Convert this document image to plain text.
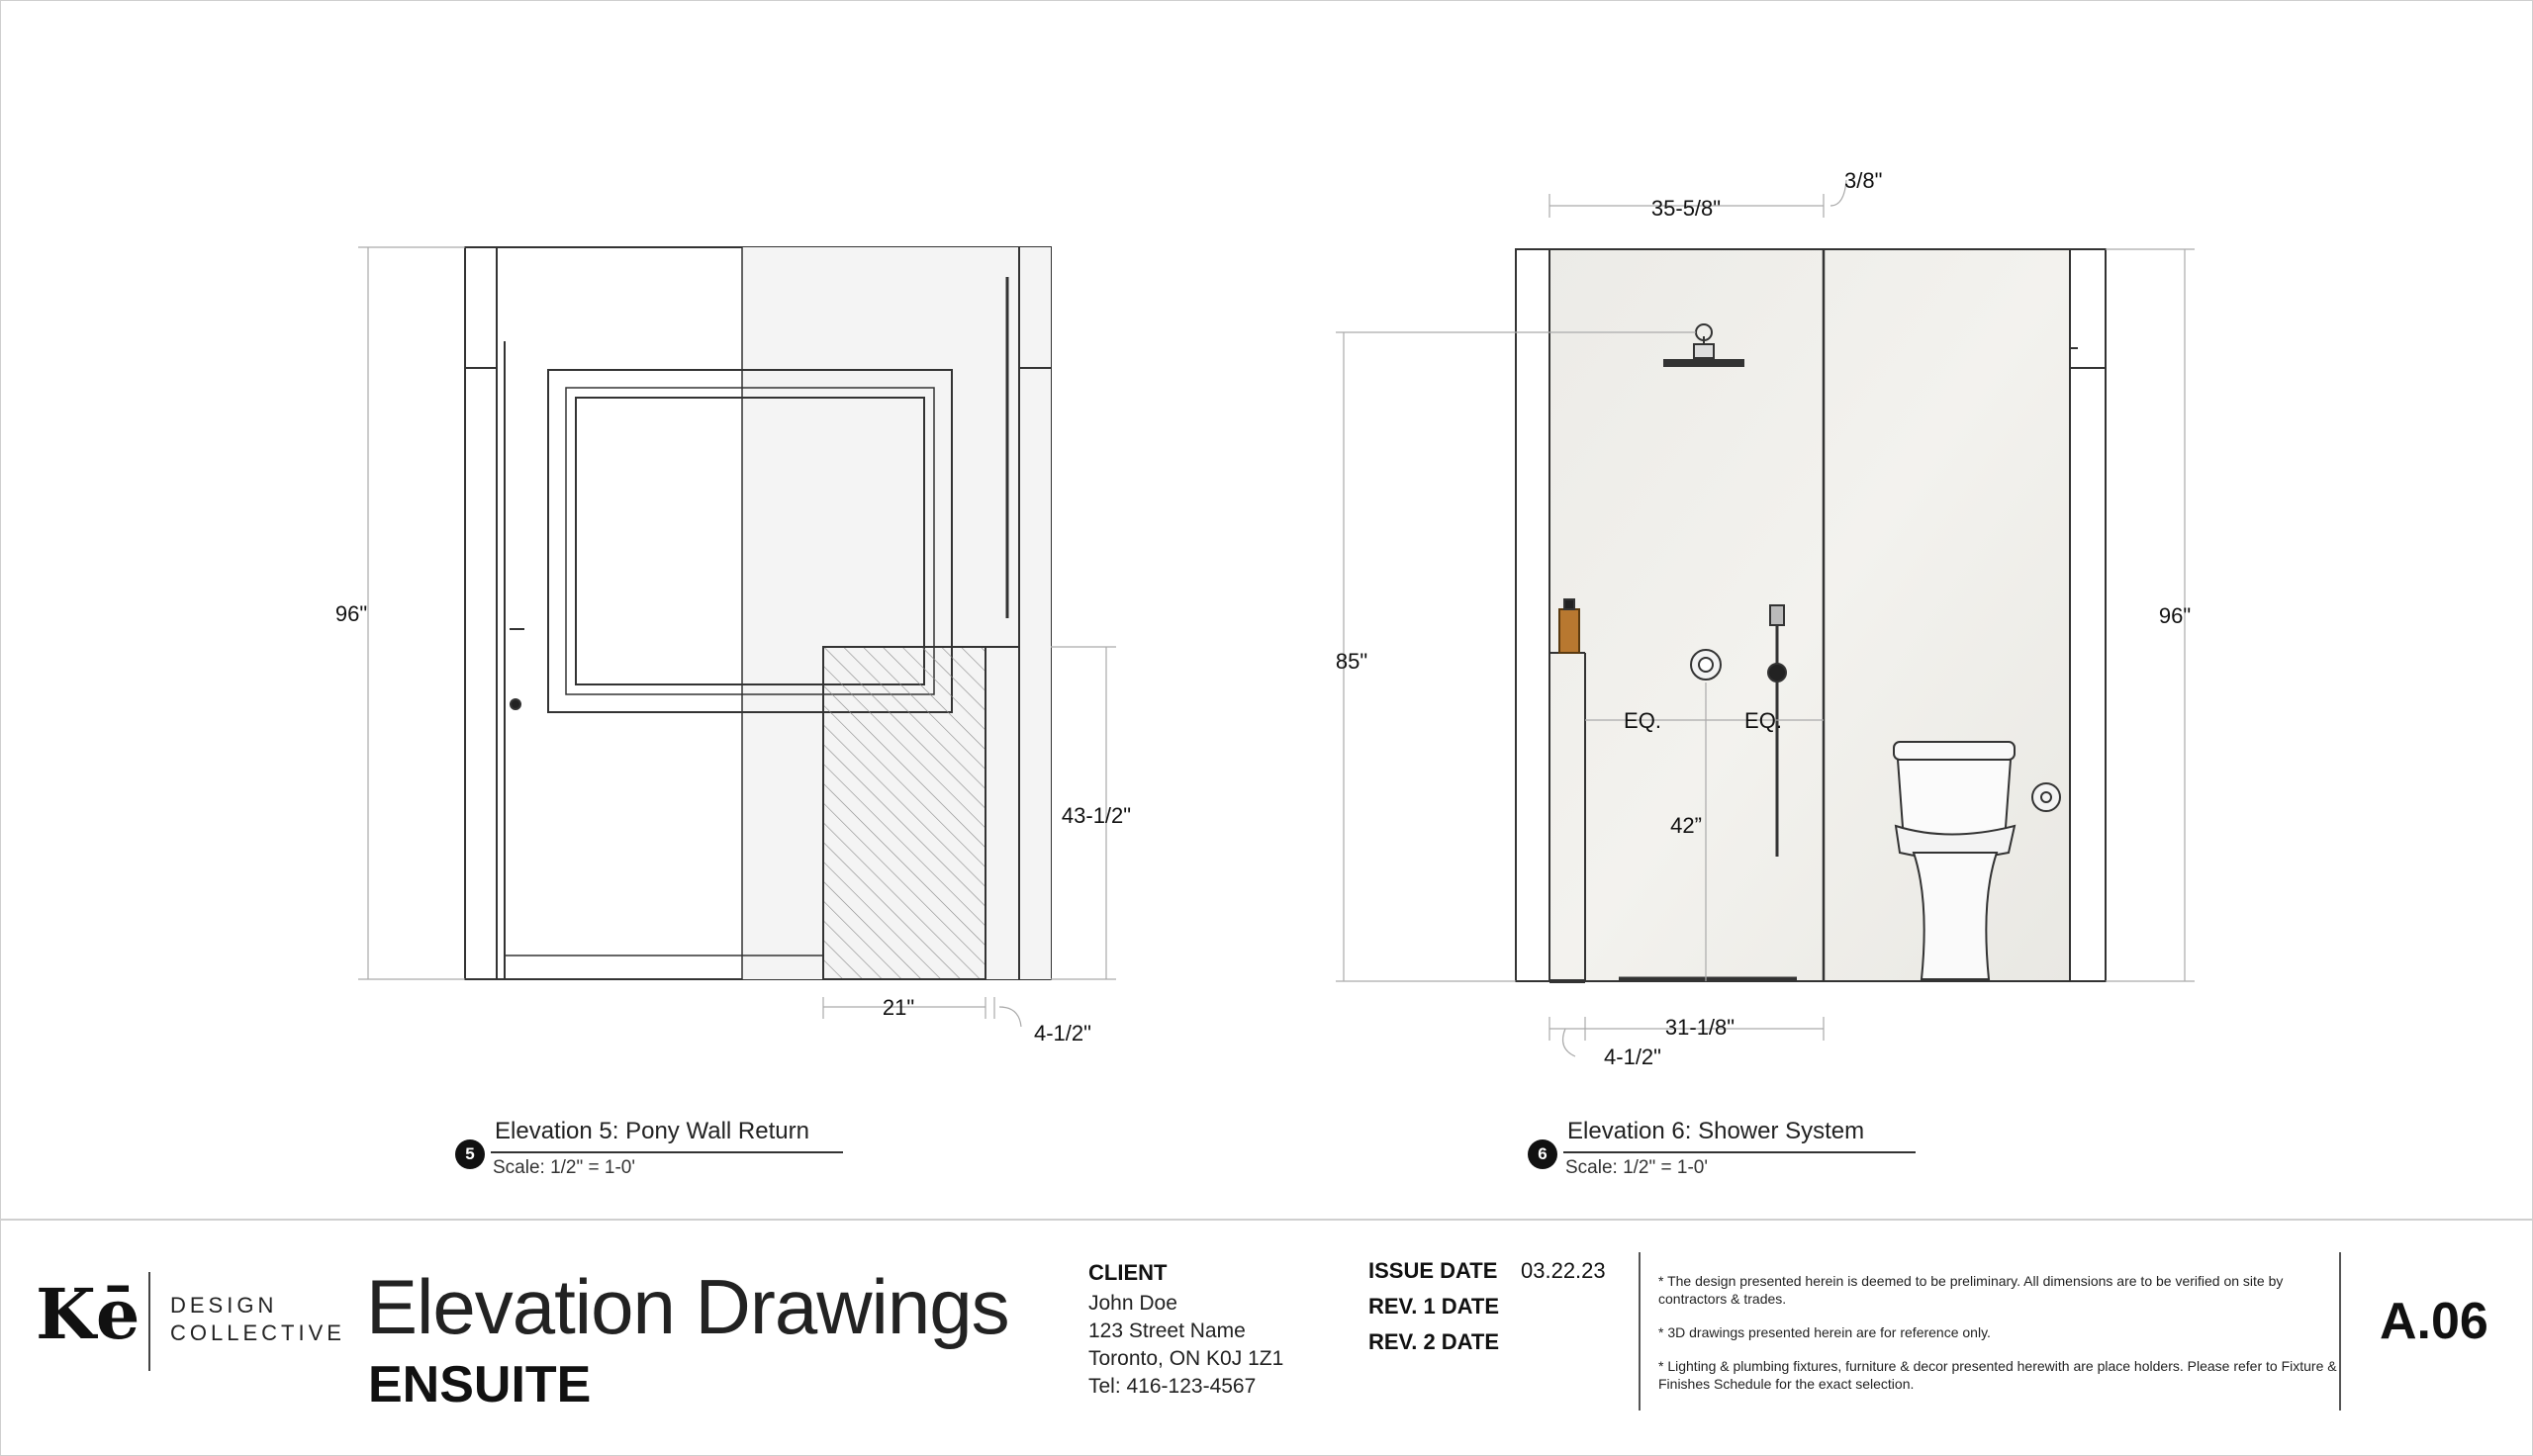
96"
43-1/2"
21"
4-1/2"
35-5/8"
3/8"
85"
96"
EQ.	EQ.
42”
31-1/8"
4-1/2"
5
Elevation 5: Pony Wall Return
Scale: 1/2" = 1-0'
6
Elevation 6: Shower System
Scale: 1/2" = 1-0'
Kē DESIGN
COLLECTIVE Elevation Drawings
ENSUITE
CLIENT
John Doe
123 Street Name
Toronto, ON K0J 1Z1
Tel: 416-123-4567
ISSUE DATE 03.22.23
REV. 1 DATE
REV. 2 DATE

* The design presented herein is deemed to be preliminary. All dimensions are to be verified on site by contractors & trades.

* 3D drawings presented herein are for reference only.

* Lighting & plumbing fixtures, furniture & decor presented herewith are place holders. Please refer to Fixture & Finishes Schedule for the exact selection.

A.06
